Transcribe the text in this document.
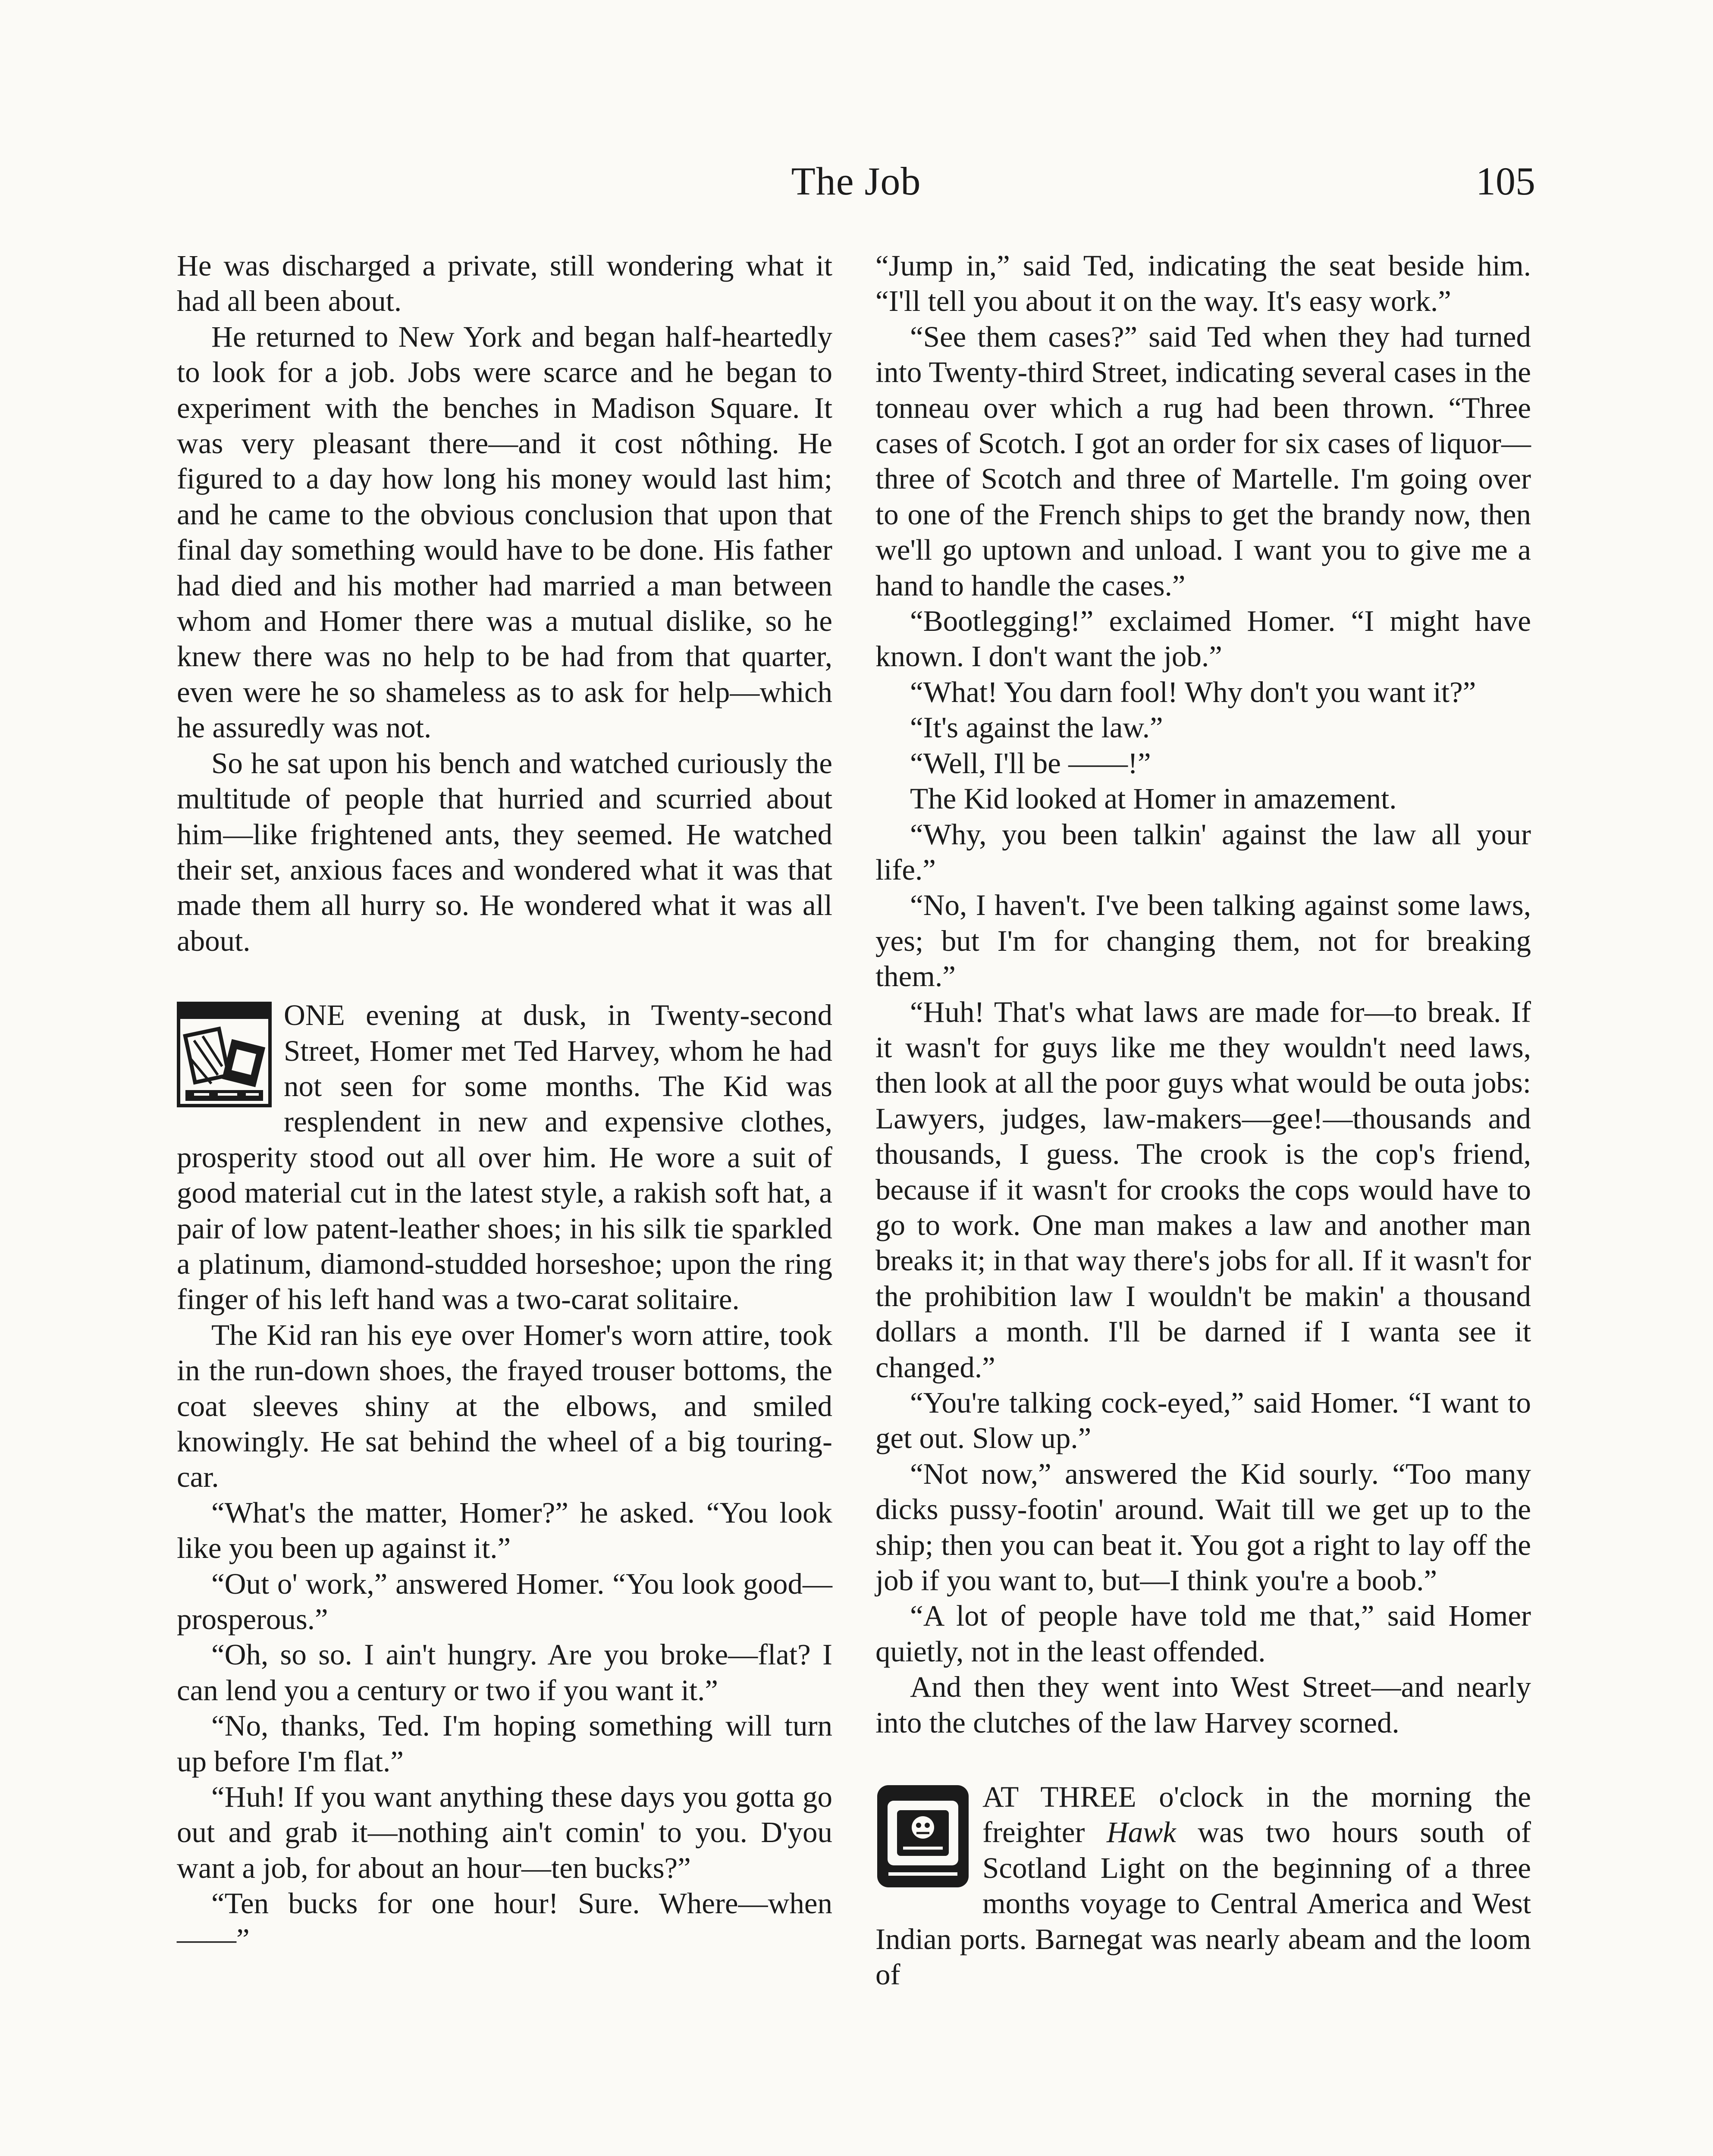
The Job	105

He was discharged a private, still wondering what it had all been about.

He returned to New York and began half-heartedly to look for a job. Jobs were scarce and he began to experiment with the benches in Madison Square. It was very pleasant there—and it cost nôthing. He figured to a day how long his money would last him; and he came to the obvious conclusion that upon that final day something would have to be done. His father had died and his mother had married a man between whom and Homer there was a mutual dislike, so he knew there was no help to be had from that quarter, even were he so shameless as to ask for help—which he assuredly was not.

So he sat upon his bench and watched curiously the multitude of people that hurried and scurried about him—like frightened ants, they seemed. He watched their set, anxious faces and wondered what it was that made them all hurry so. He wondered what it was all about.

ONE evening at dusk, in Twenty-second Street, Homer met Ted Harvey, whom he had not seen for some months. The Kid was resplendent in new and expensive clothes, prosperity stood out all over him. He wore a suit of good material cut in the latest style, a rakish soft hat, a pair of low patent-leather shoes; in his silk tie sparkled a platinum, diamond-studded horseshoe; upon the ring finger of his left hand was a two-carat solitaire.

The Kid ran his eye over Homer's worn attire, took in the run-down shoes, the frayed trouser bottoms, the coat sleeves shiny at the elbows, and smiled knowingly. He sat behind the wheel of a big touring-car.

“What's the matter, Homer?” he asked. “You look like you been up against it.”

“Out o' work,” answered Homer. “You look good—prosperous.”

“Oh, so so. I ain't hungry. Are you broke—flat? I can lend you a century or two if you want it.”

“No, thanks, Ted. I'm hoping something will turn up before I'm flat.”

“Huh! If you want anything these days you gotta go out and grab it—nothing ain't comin' to you. D'you want a job, for about an hour—ten bucks?”

“Ten bucks for one hour! Sure. Where—when——”

“Jump in,” said Ted, indicating the seat beside him. “I'll tell you about it on the way. It's easy work.”

“See them cases?” said Ted when they had turned into Twenty-third Street, indicating several cases in the tonneau over which a rug had been thrown. “Three cases of Scotch. I got an order for six cases of liquor—three of Scotch and three of Martelle. I'm going over to one of the French ships to get the brandy now, then we'll go uptown and unload. I want you to give me a hand to handle the cases.”

“Bootlegging!” exclaimed Homer. “I might have known. I don't want the job.”

“What! You darn fool! Why don't you want it?”

“It's against the law.”

“Well, I'll be ——!”

The Kid looked at Homer in amazement.

“Why, you been talkin' against the law all your life.”

“No, I haven't. I've been talking against some laws, yes; but I'm for changing them, not for breaking them.”

“Huh! That's what laws are made for—to break. If it wasn't for guys like me they wouldn't need laws, then look at all the poor guys what would be outa jobs: Lawyers, judges, law-makers—gee!—thousands and thousands, I guess. The crook is the cop's friend, because if it wasn't for crooks the cops would have to go to work. One man makes a law and another man breaks it; in that way there's jobs for all. If it wasn't for the prohibition law I wouldn't be makin' a thousand dollars a month. I'll be darned if I wanta see it changed.”

“You're talking cock-eyed,” said Homer. “I want to get out. Slow up.”

“Not now,” answered the Kid sourly. “Too many dicks pussy-footin' around. Wait till we get up to the ship; then you can beat it. You got a right to lay off the job if you want to, but—I think you're a boob.”

“A lot of people have told me that,” said Homer quietly, not in the least offended.

And then they went into West Street—and nearly into the clutches of the law Harvey scorned.

AT THREE o'clock in the morning the freighter Hawk was two hours south of Scotland Light on the beginning of a three months voyage to Central America and West Indian ports. Barnegat was nearly abeam and the loom of
